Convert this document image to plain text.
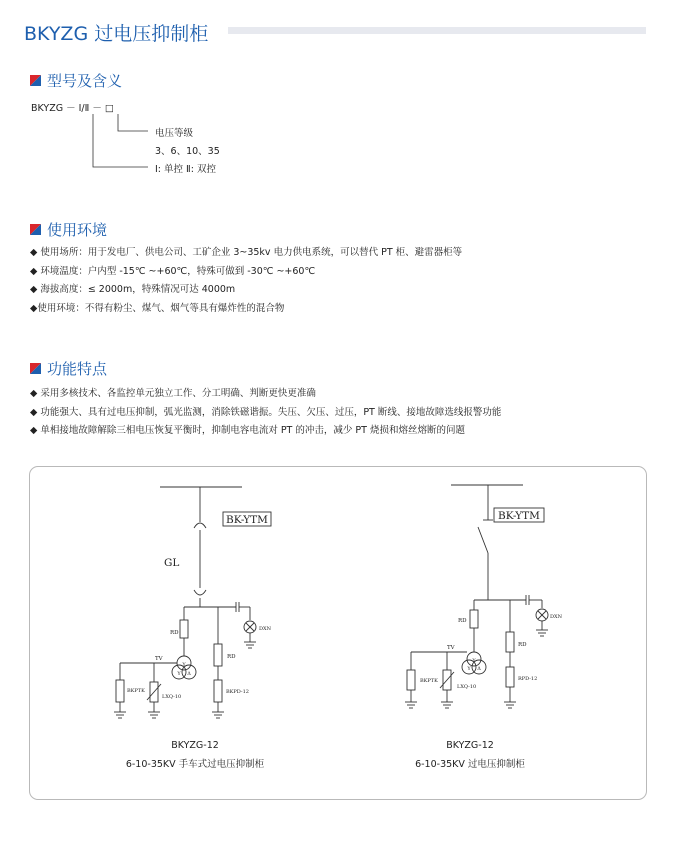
BKYZG 过电压抑制柜
型号及含义
BKYZG － Ⅰ/Ⅱ － □
电压等级
3、6、10、35
Ⅰ: 单控 Ⅱ: 双控
使用环境
◆ 使用场所：用于发电厂、供电公司、工矿企业 3~35kv 电力供电系统，可以替代 PT 柜、避雷器柜等
◆ 环境温度：户内型 -15℃ ~+60℃，特殊可做到 -30℃ ~+60℃
◆ 海拔高度：≤ 2000m，特殊情况可达 4000m
◆使用环境：不得有粉尘、煤气、烟气等具有爆炸性的混合物
功能特点
◆ 采用多核技术、各监控单元独立工作、分工明确、判断更快更准确
◆ 功能强大、具有过电压抑制，弧光监测，消除铁磁谐振。失压、欠压、过压，PT 断线、接地故障选线报警功能
◆ 单相接地故障解除三相电压恢复平衡时，抑制电容电流对 PT 的冲击，减少 PT 烧损和熔丝熔断的问题
Y
Y Δ
BK-YTM
GL
RD
RD
TV
BKPTK
LXQ-10
BKPD-12
DXN
Y
Y Δ
BK-YTM
RD
RD
TV
BKPTK
LXQ-10
RPD-12
DXN
BKYZG-12
6-10-35KV 手车式过电压抑制柜
BKYZG-12
6-10-35KV 过电压抑制柜
